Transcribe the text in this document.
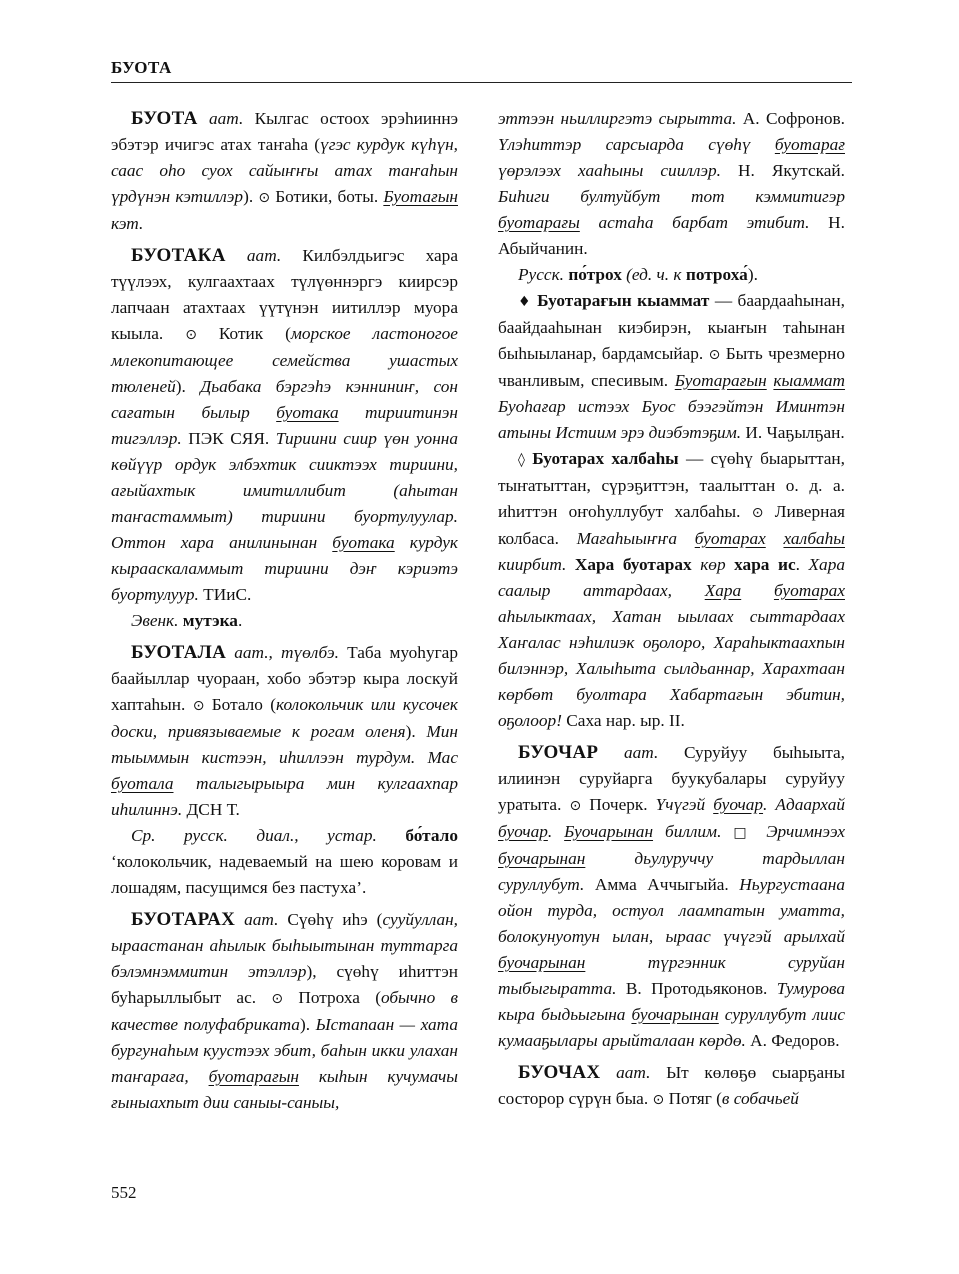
БУОТА

БУОТА аат. Кылгас остоох эрэһииннэ эбэтэр ичигэс атах таҥаһа (үгэс курдук күһүн, саас оһо суох сайыҥҥы атах таҥаһын үрдүнэн кэтиллэр). ⊙ Ботики, боты. Буотағын кэт.

БУОТАКА аат. Килбэлдьигэс хара түүлээх, кулгаахтаах түлүөннэргэ киирсэр лапчаан атахтаах үүтүнэн иитиллэр муора кыыла. ⊙ Котик (морское ластоногое млекопитающее семейства ушастых тюленей). Дьабака бэргэһэ кэнниниҥ, сон сағатын былыр буотака тириитинэн тигэллэр. ПЭК СЯЯ. Тириини сиир үөн уонна көйүүр ордук элбэхтик сииктээх тириини, ағыйахтык имитиллибит (аһытан таҥастаммыт) тириини буортулуулар. Оттон хара анилинынан буотака курдук кырааскаламмыт тириини дэҥ кэриэтэ буортулуур. ТИиС.

Эвенк. мутэка.

БУОТАЛА аат., түөлбэ. Таба муоһугар баайыллар чуораан, хобо эбэтэр кыра лоскуй хаптаһын. ⊙ Ботало (колокольчик или кусочек доски, привязываемые к рогам оленя). Мин тыыммын кистээн, иһиллээн турдум. Мас буотала талыгырыыра мин кулгаахпар иһилиннэ. ДСН Т.

Ср. русск. диал., устар. бо́тало ‘колокольчик, надеваемый на шею коровам и лошадям, пасущимся без пастуха’.

БУОТАРАХ аат. Сүөһү иһэ (сууйуллан, ыраастанан аһылык быһыытынан туттарга бэлэмнэммитин этэллэр), сүөһү иһиттэн буһарыллыбыт ас. ⊙ Потроха (обычно в качестве полуфабриката). Ыстапаан — хата бургунаһым куустээх эбит, баһын икки улахан таҥараға, буотарағын кыһын кучумачы ғыныахпыт дии саныы-саныы,

эттээн ньиллиргэтэ сырытта. А. Софронов. Үлэһиттэр сарсыарда сүөһү буотарағ үөрэлээх хааһыны сииллэр. Н. Якутскай. Биһиги бултуйбут тот кэммитигэр буотарағы астаһа барбат этибит. Н. Абыйчанин.

Русск. по́трох (ед. ч. к потроха́).

♦ Буотарағын кыаммат — баардааһынан, баайдааһынан киэбирэн, кыаҥын таһынан быһыыланар, бардамсыйар. ⊙ Быть чрезмерно чванливым, спесивым. Буотарағын кыаммат Буоһағар истээх Буос бээгэйтэн Иминтэн атыны Истиим эрэ диэбэтэҕим. И. Чаҕылҕан.

◊ Буотарах халбаһы — сүөһү быарыттан, тыҥатыттан, сүрэҕиттэн, таалыттан о. д. а. иһиттэн оҥоһуллубут халбаһы. ⊙ Ливерная колбаса. Мағаһыыҥҥа буотарах халбаһы киирбит. Хара буотарах көр хара ис. Хара саалыр аттардаах, Хара буотарах аһылыктаах, Хатан ыылаах сыттардаах Хаҥалас нэһилиэк оҕолоро, Хараһыктаахпын билэннэр, Халыһыта сылдьаннар, Харахтаан көрбөт буолтара Хабартағын эбитин, оҕолоор! Саха нар. ыр. II.

БУОЧАР аат. Суруйуу быһыыта, илиинэн суруйарга буукубалары суруйуу уратыта. ⊙ Почерк. Үчүгэй буочар. Адаархай буочар. Буочарынан биллим. □ Эрчимнээх буочарынан	дьулуруччу тардыллан суруллубут. Амма Аччыгыйа. Ньургустаана ойон турда, остуол лаампатын уматта, болокунуотун ылан, ыраас үчүгэй арылхай буочарынан	түргэнник суруйан тыбыгыратта. В. Протодьяконов. Тумурова кыра быдьыгына буочарынан суруллубут лиис кумааҕылары арыйталаан көрдө. А. Федоров.

БУОЧАХ аат. Ыт көлөҕө сыарҕаны состорор сүрүн быа. ⊙ Потяг (в собачьей

552
